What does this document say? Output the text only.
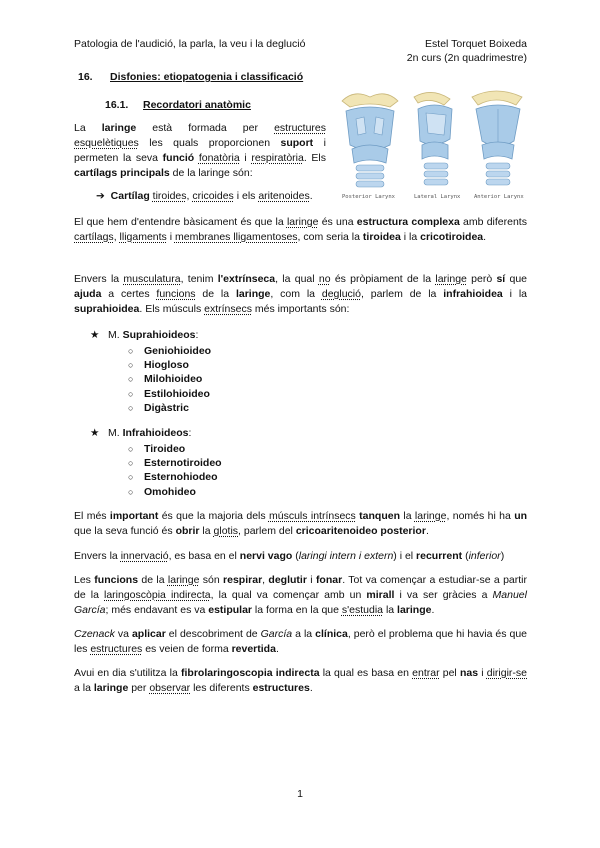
Patologia de l'audició, la parla, la veu i la deglució	Estel Torquet Boixeda
2n curs (2n quadrimestre)
16. Disfonies: etiopatogenia i classificació
16.1. Recordatori anatòmic
La laringe està formada per estructures esquelètiques les quals proporcionen suport i permeten la seva funció fonatòria i respiratòria. Els cartílags principals de la laringe són:
➔ Cartílag tiroides, cricoides i els aritenoides.	Posterior Larynx	Lateral Larynx Anterior Larynx
El que hem d'entendre bàsicament és que la laringe és una estructura complexa amb diferents cartílags, lligaments i membranes lligamentoses, com seria la tiroidea i la cricotiroidea.
Envers la musculatura, tenim l'extrínseca, la qual no és pròpiament de la laringe però sí que ajuda a certes funcions de la laringe, com la deglució, parlem de la infrahioidea i la suprahioidea. Els músculs extrínsecs més importants són:
★ M. Suprahioideos:
○ Geniohioideo
○ Hiogloso
○ Milohioideo
○ Estilohioideo
○ Digàstric
★ M. Infrahioideos:
○ Tiroideo
○ Esternotiroideo
○ Esternohiodeo
○ Omohideo
El més important és que la majoria dels músculs intrínsecs tanquen la laringe, només hi ha un que la seva funció és obrir la glotis, parlem del cricoaritenoideo posterior.
Envers la innervació, es basa en el nervi vago (laringi intern i extern) i el recurrent (inferior)
Les funcions de la laringe són respirar, deglutir i fonar. Tot va començar a estudiar-se a partir de la laringoscòpia indirecta, la qual va començar amb un mirall i va ser gràcies a Manuel García; més endavant es va estipular la forma en la que s'estudia la laringe.
Czenack va aplicar el descobriment de García a la clínica, però el problema que hi havia és que les estructures es veien de forma revertida.
Avui en dia s'utilitza la fibrolaringoscopia indirecta la qual es basa en entrar pel nas i dirigir-se a la laringe per observar les diferents estructures.
1
